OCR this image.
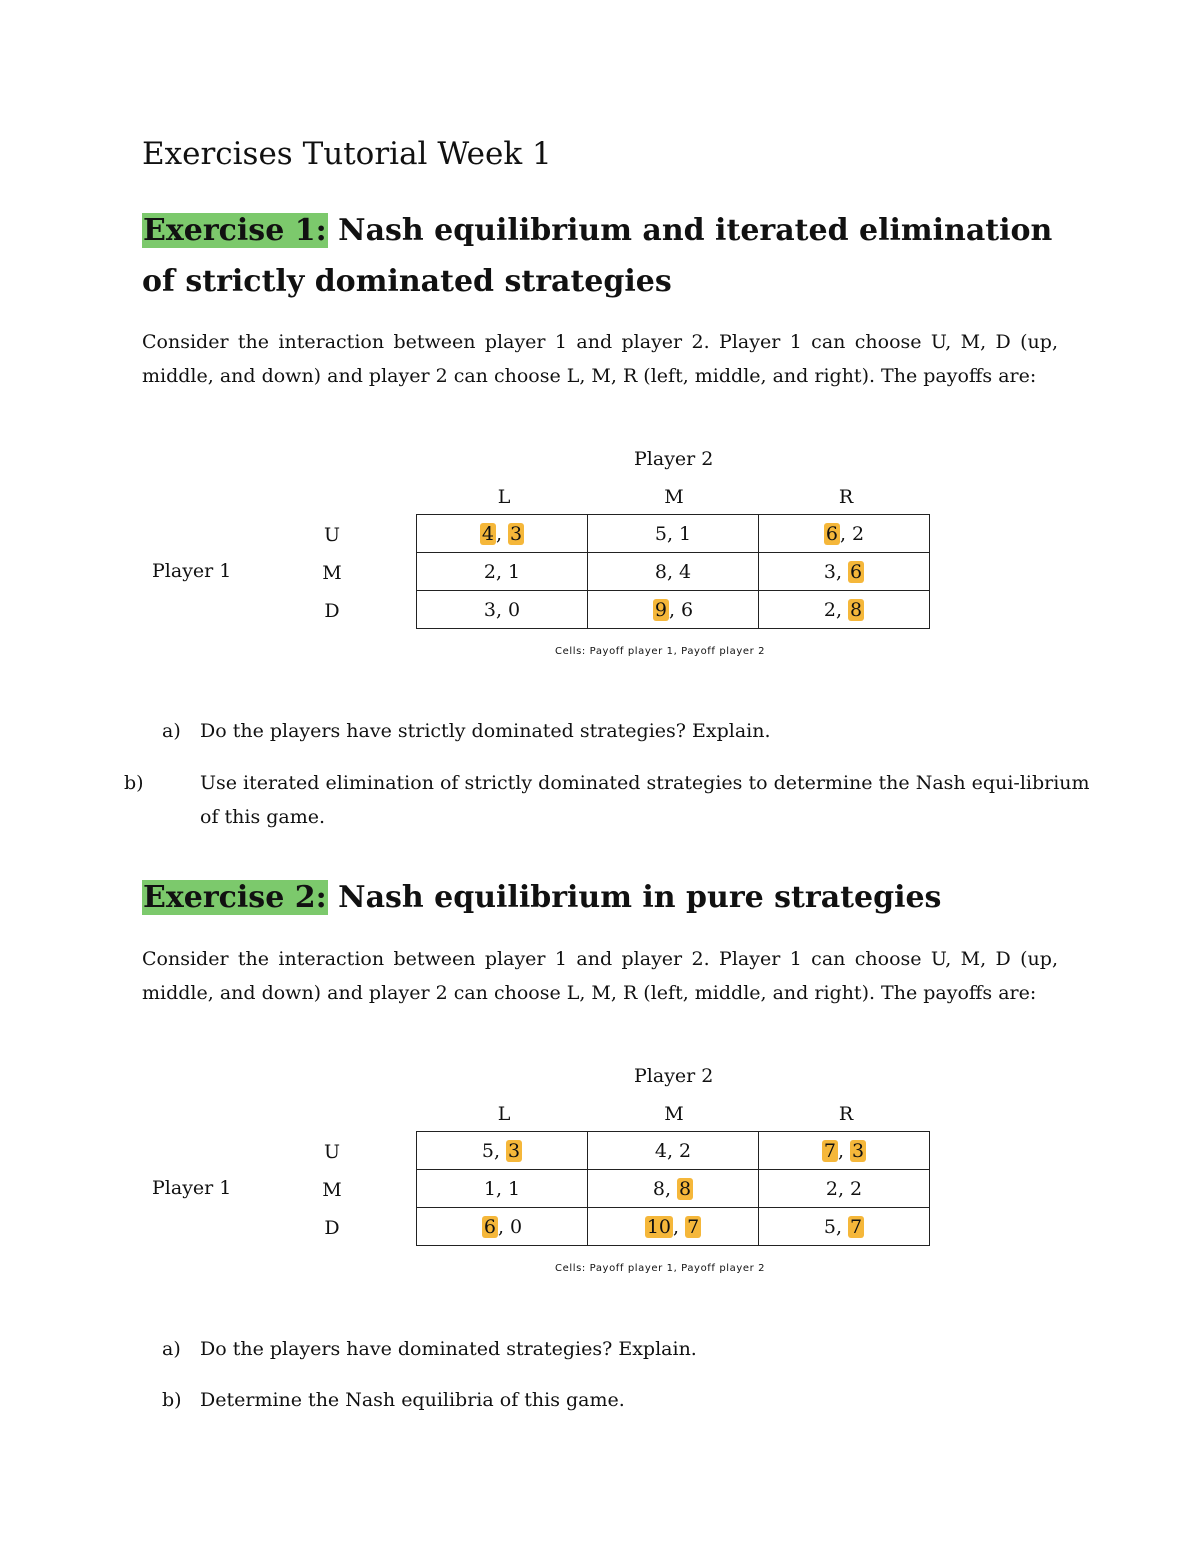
Exercises Tutorial Week 1
Exercise 1: Nash equilibrium and iterated elimination of strictly dominated strategies

Consider the interaction between player 1 and player 2. Player 1 can choose U, M, D (up, middle, and down) and player 2 can choose L, M, R (left, middle, and right). The payoffs are:

Player 2
L	M	R
U
M
D
Player 1
4 , 3	5, 1	6 , 2
2, 1	8, 4	3, 6
3, 0	9 , 6	2, 8
Cells: Payoff player 1, Payoff player 2
a) Do the players have strictly dominated strategies? Explain.
b)	Use iterated elimination of strictly dominated strategies to determine the Nash equi-librium of this game.
Exercise 2: Nash equilibrium in pure strategies

Consider the interaction between player 1 and player 2. Player 1 can choose U, M, D (up, middle, and down) and player 2 can choose L, M, R (left, middle, and right). The payoffs are:

Player 2
L	M	R
U
M
D
Player 1
5, 3	4, 2	7 , 3
1, 1	8, 8	2, 2
6 , 0	10 , 7	5, 7
Cells: Payoff player 1, Payoff player 2
a) Do the players have dominated strategies? Explain.
b) Determine the Nash equilibria of this game.
